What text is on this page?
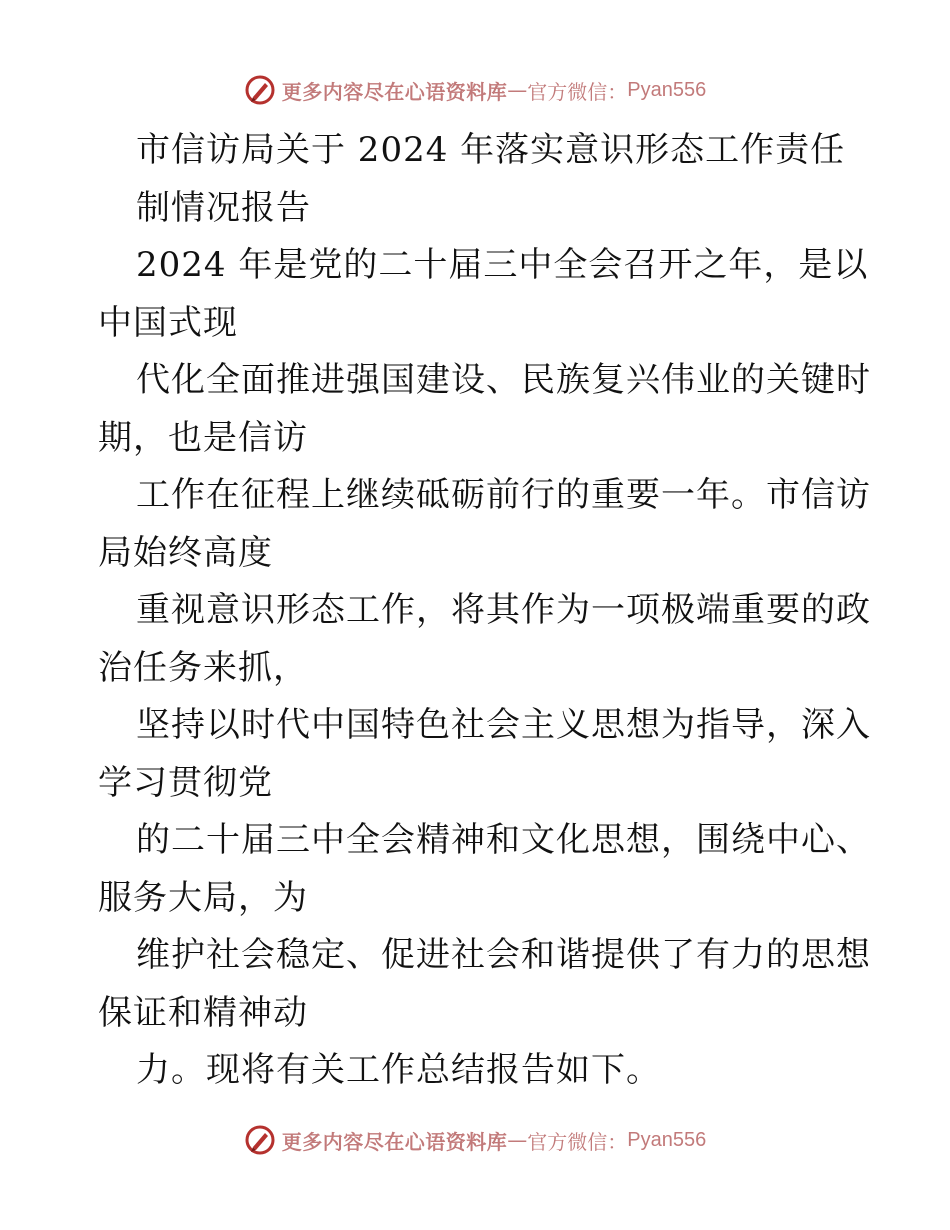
更多内容尽在心语资料库 — 官方微信： Pyan556
市信访局关于 2024 年落实意识形态工作责任
制情况报告
2024 年是党的二十届三中全会召开之年，是以
中国式现
代化全面推进强国建设、民族复兴伟业的关键时
期，也是信访
工作在征程上继续砥砺前行的重要一年。市信访
局始终高度
重视意识形态工作，将其作为一项极端重要的政
治任务来抓，
坚持以时代中国特色社会主义思想为指导，深入
学习贯彻党
的二十届三中全会精神和文化思想，围绕中心、
服务大局，为
维护社会稳定、促进社会和谐提供了有力的思想
保证和精神动
力。现将有关工作总结报告如下。
更多内容尽在心语资料库 — 官方微信： Pyan556
